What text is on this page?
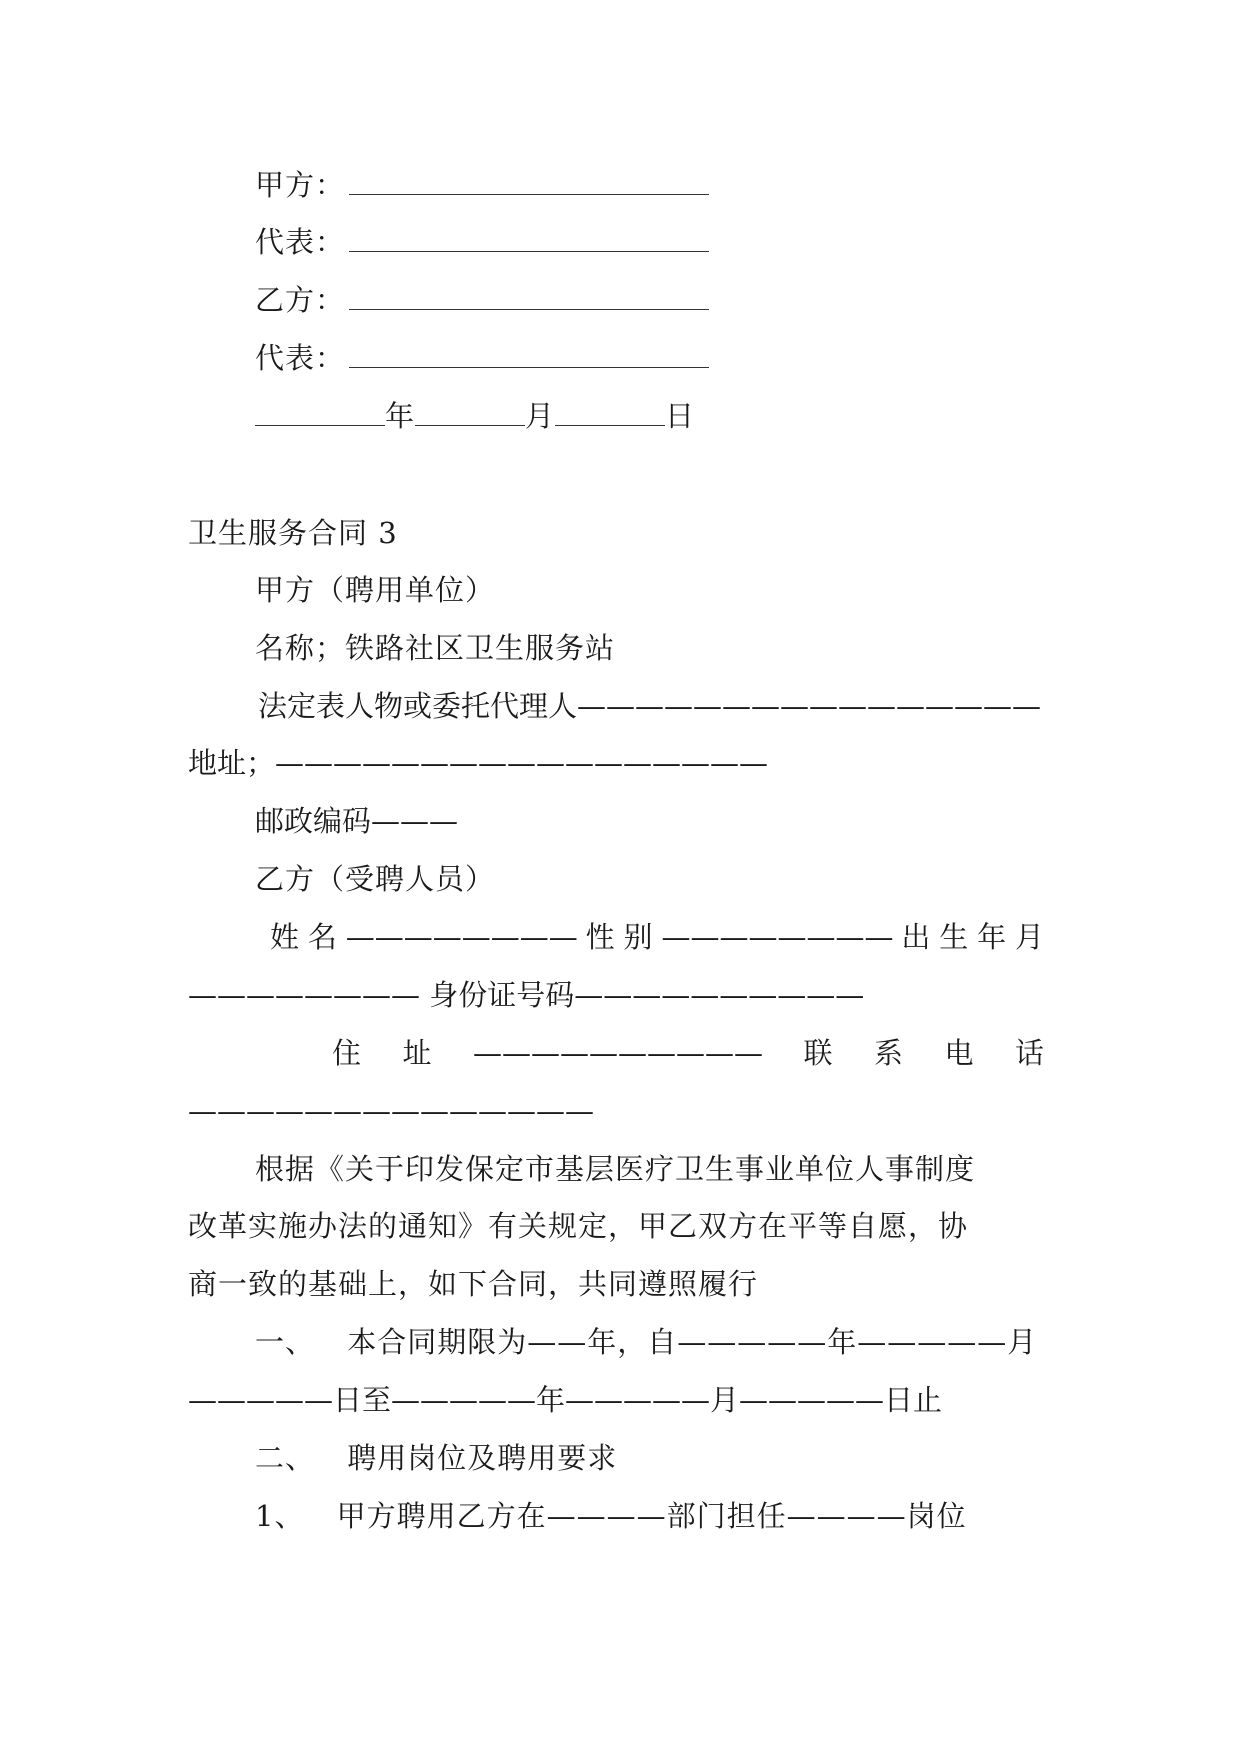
甲方：
代表：
乙方：
代表：
年	月	日
卫生服务合同 3
甲方（聘用单位）
名称；铁路社区卫生服务站
法定表人物或委托代理人————————————————
地址；—————————————————
邮政编码———
乙方（受聘人员）
姓 名 ———————— 性 别 ———————— 出 生 年 月
———————— 身份证号码——————————
住 址 —————————— 联 系 电 话
——————————————
根据《关于印发保定市基层医疗卫生事业单位人事制度
改革实施办法的通知》有关规定，甲乙双方在平等自愿，协
商一致的基础上，如下合同，共同遵照履行
一、 本合同期限为——年，自—————年—————月
—————日至—————年—————月—————日止
二、 聘用岗位及聘用要求
1、 甲方聘用乙方在————部门担任————岗位
